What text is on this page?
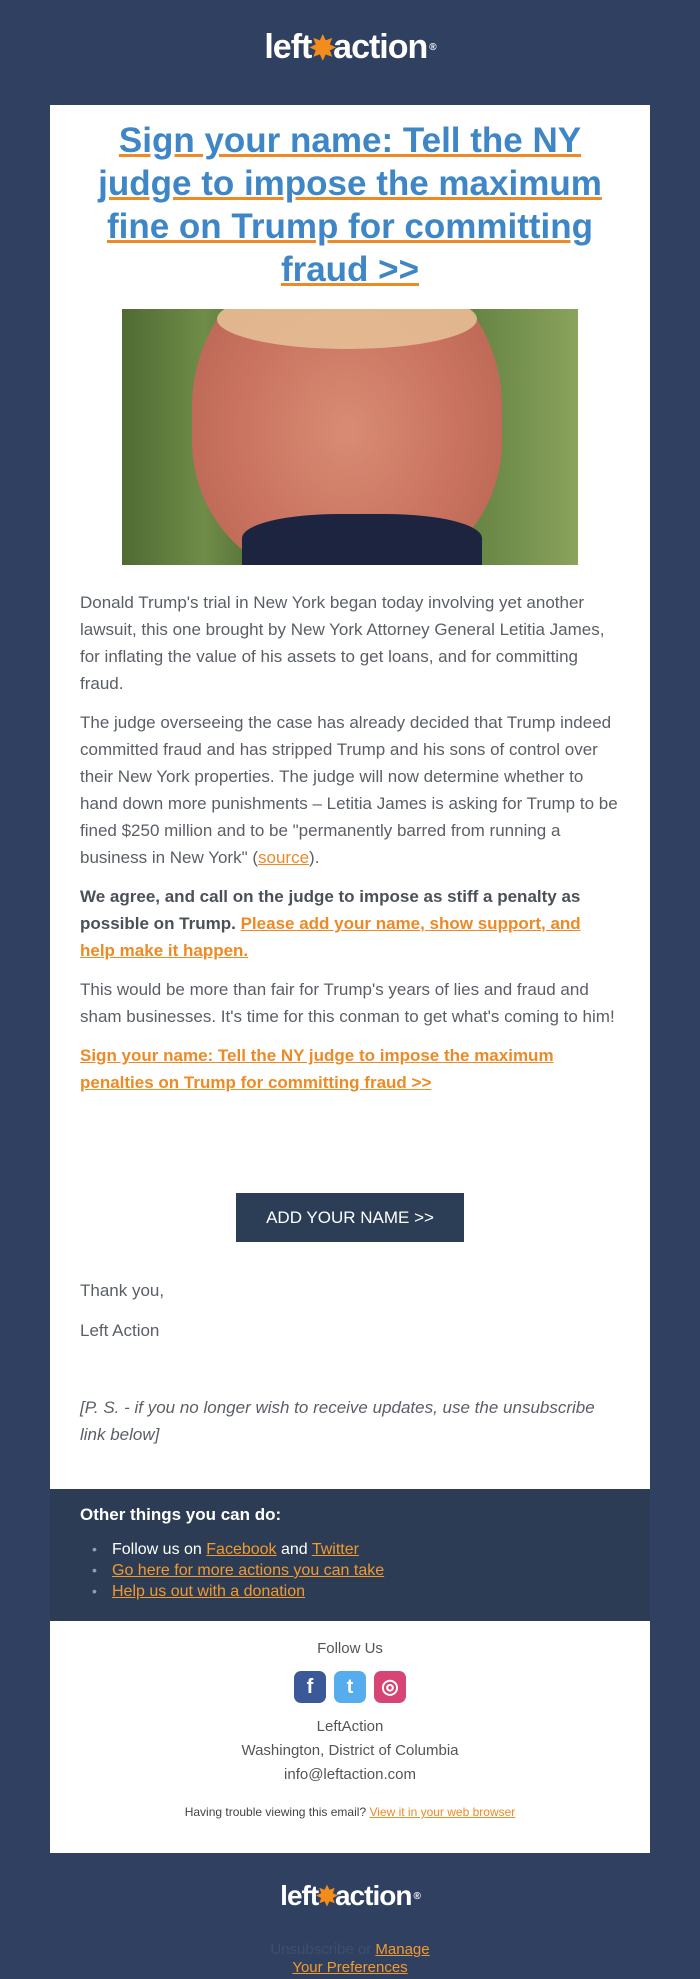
left
✸
action ®
Sign your name: Tell the NY judge to impose the maximum fine on Trump for committing fraud >>

Donald Trump's trial in New York began today involving yet another lawsuit, this one brought by New York Attorney General Letitia James, for inflating the value of his assets to get loans, and for committing fraud.

The judge overseeing the case has already decided that Trump indeed committed fraud and has stripped Trump and his sons of control over their New York properties. The judge will now determine whether to hand down more punishments – Letitia James is asking for Trump to be fined $250 million and to be "permanently barred from running a business in New York" (source).

We agree, and call on the judge to impose as stiff a penalty as possible on Trump. Please add your name, show support, and help make it happen.

This would be more than fair for Trump's years of lies and fraud and sham businesses. It's time for this conman to get what's coming to him!

Sign your name: Tell the NY judge to impose the maximum penalties on Trump for committing fraud >>

ADD YOUR NAME >>
Thank you,
Left Action
[P. S. - if you no longer wish to receive updates, use the unsubscribe link below]
Other things you can do:
• Follow us on Facebook and Twitter
• Go here for more actions you can take
• Help us out with a donation
Follow Us
f	t	◎
LeftAction
Washington, District of Columbia
info@leftaction.com
Having trouble viewing this email? View it in your web browser
left
✸
action ®
Unsubscribe or Manage
Your Preferences
